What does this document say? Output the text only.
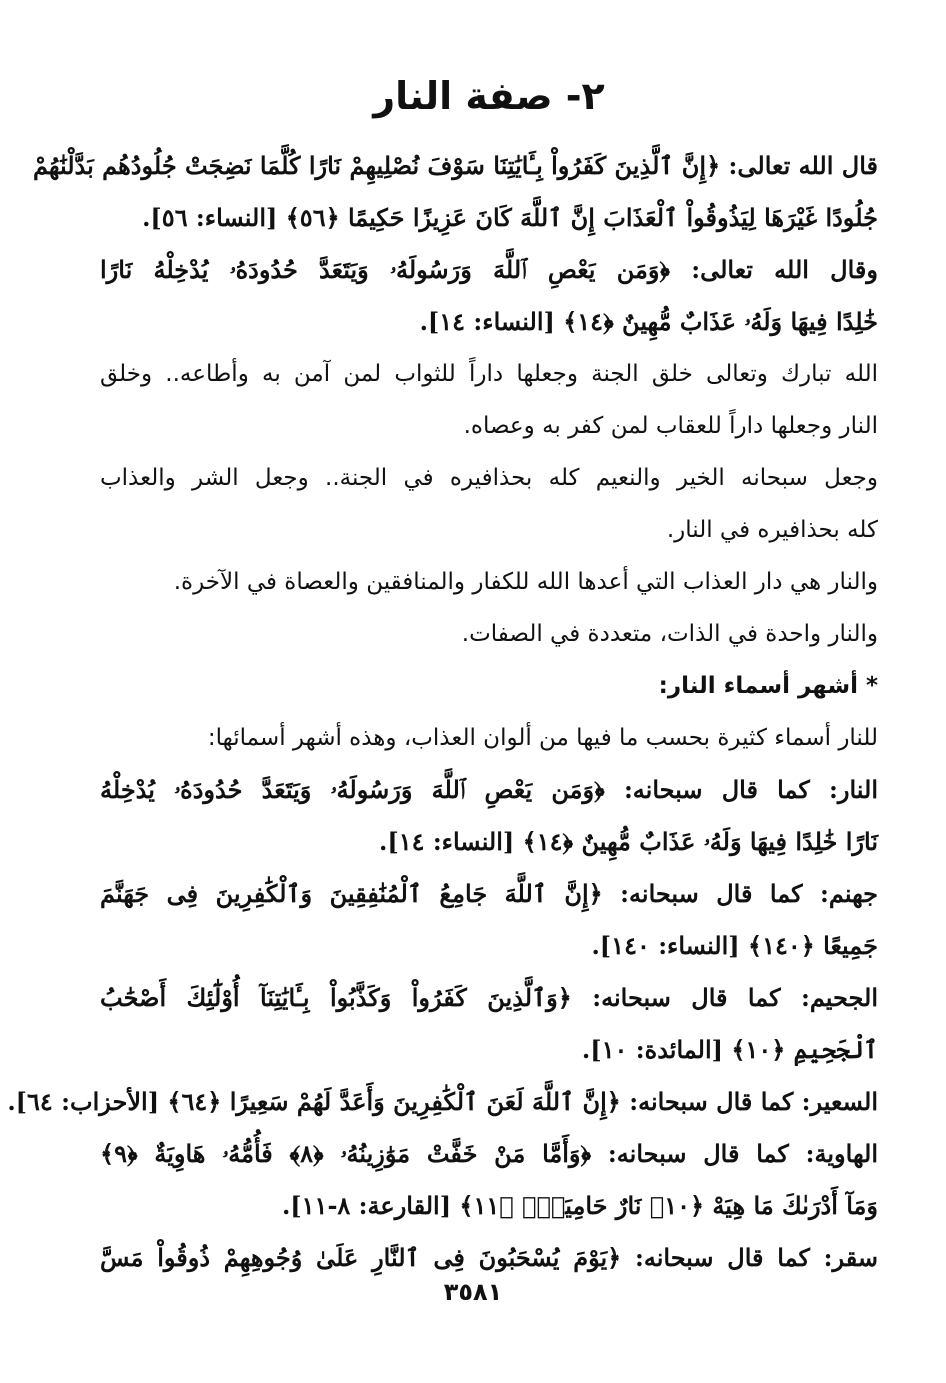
٢- صفة النار
قال الله تعالى: ﴿إِنَّ ٱلَّذِينَ كَفَرُواْ بِـَٔايَٰتِنَا سَوْفَ نُصْلِيهِمْ نَارًا كُلَّمَا نَضِجَتْ جُلُودُهُم بَدَّلْنَٰهُمْ
جُلُودًا غَيْرَهَا لِيَذُوقُواْ ٱلْعَذَابَ إِنَّ ٱللَّهَ كَانَ عَزِيزًا حَكِيمًا ﴿٥٦﴾ [النساء: ٥٦].
وقال الله تعالى: ﴿وَمَن يَعْصِ ٱللَّهَ وَرَسُولَهُۥ وَيَتَعَدَّ حُدُودَهُۥ يُدْخِلْهُ نَارًا
خَٰلِدًا فِيهَا وَلَهُۥ عَذَابٌ مُّهِينٌ ﴿١٤﴾ [النساء: ١٤].
الله تبارك وتعالى خلق الجنة وجعلها داراً للثواب لمن آمن به وأطاعه.. وخلق
النار وجعلها داراً للعقاب لمن كفر به وعصاه.
وجعل سبحانه الخير والنعيم كله بحذافيره في الجنة.. وجعل الشر والعذاب
كله بحذافيره في النار.
والنار هي دار العذاب التي أعدها الله للكفار والمنافقين والعصاة في الآخرة.
والنار واحدة في الذات، متعددة في الصفات.
* أشهر أسماء النار:
للنار أسماء كثيرة بحسب ما فيها من ألوان العذاب، وهذه أشهر أسمائها:
النار: كما قال سبحانه: ﴿وَمَن يَعْصِ ٱللَّهَ وَرَسُولَهُۥ وَيَتَعَدَّ حُدُودَهُۥ يُدْخِلْهُ
نَارًا خَٰلِدًا فِيهَا وَلَهُۥ عَذَابٌ مُّهِينٌ ﴿١٤﴾ [النساء: ١٤].
جهنم: كما قال سبحانه: ﴿إِنَّ ٱللَّهَ جَامِعُ ٱلْمُنَٰفِقِينَ وَٱلْكَٰفِرِينَ فِى جَهَنَّمَ
جَمِيعًا ﴿١٤٠﴾ [النساء: ١٤٠].
الجحيم: كما قال سبحانه: ﴿وَٱلَّذِينَ كَفَرُواْ وَكَذَّبُواْ بِـَٔايَٰتِنَآ أُوْلَٰٓئِكَ أَصْحَٰبُ
ٱلْجَحِيمِ ﴿١٠﴾ [المائدة: ١٠].
السعير: كما قال سبحانه: ﴿إِنَّ ٱللَّهَ لَعَنَ ٱلْكَٰفِرِينَ وَأَعَدَّ لَهُمْ سَعِيرًا ﴿٦٤﴾ [الأحزاب: ٦٤].
الهاوية: كما قال سبحانه: ﴿وَأَمَّا مَنْ خَفَّتْ مَوَٰزِينُهُۥ ﴿٨﴾ فَأُمُّهُۥ هَاوِيَةٌ ﴿٩﴾
وَمَآ أَدْرَىٰكَ مَا هِيَهْ ﴿١٠﴾ نَارٌ حَامِيَةٌۢ ﴿١١﴾ [القارعة: ٨-١١].
سقر: كما قال سبحانه: ﴿يَوْمَ يُسْحَبُونَ فِى ٱلنَّارِ عَلَىٰ وُجُوهِهِمْ ذُوقُواْ مَسَّ
٣٥٨١
